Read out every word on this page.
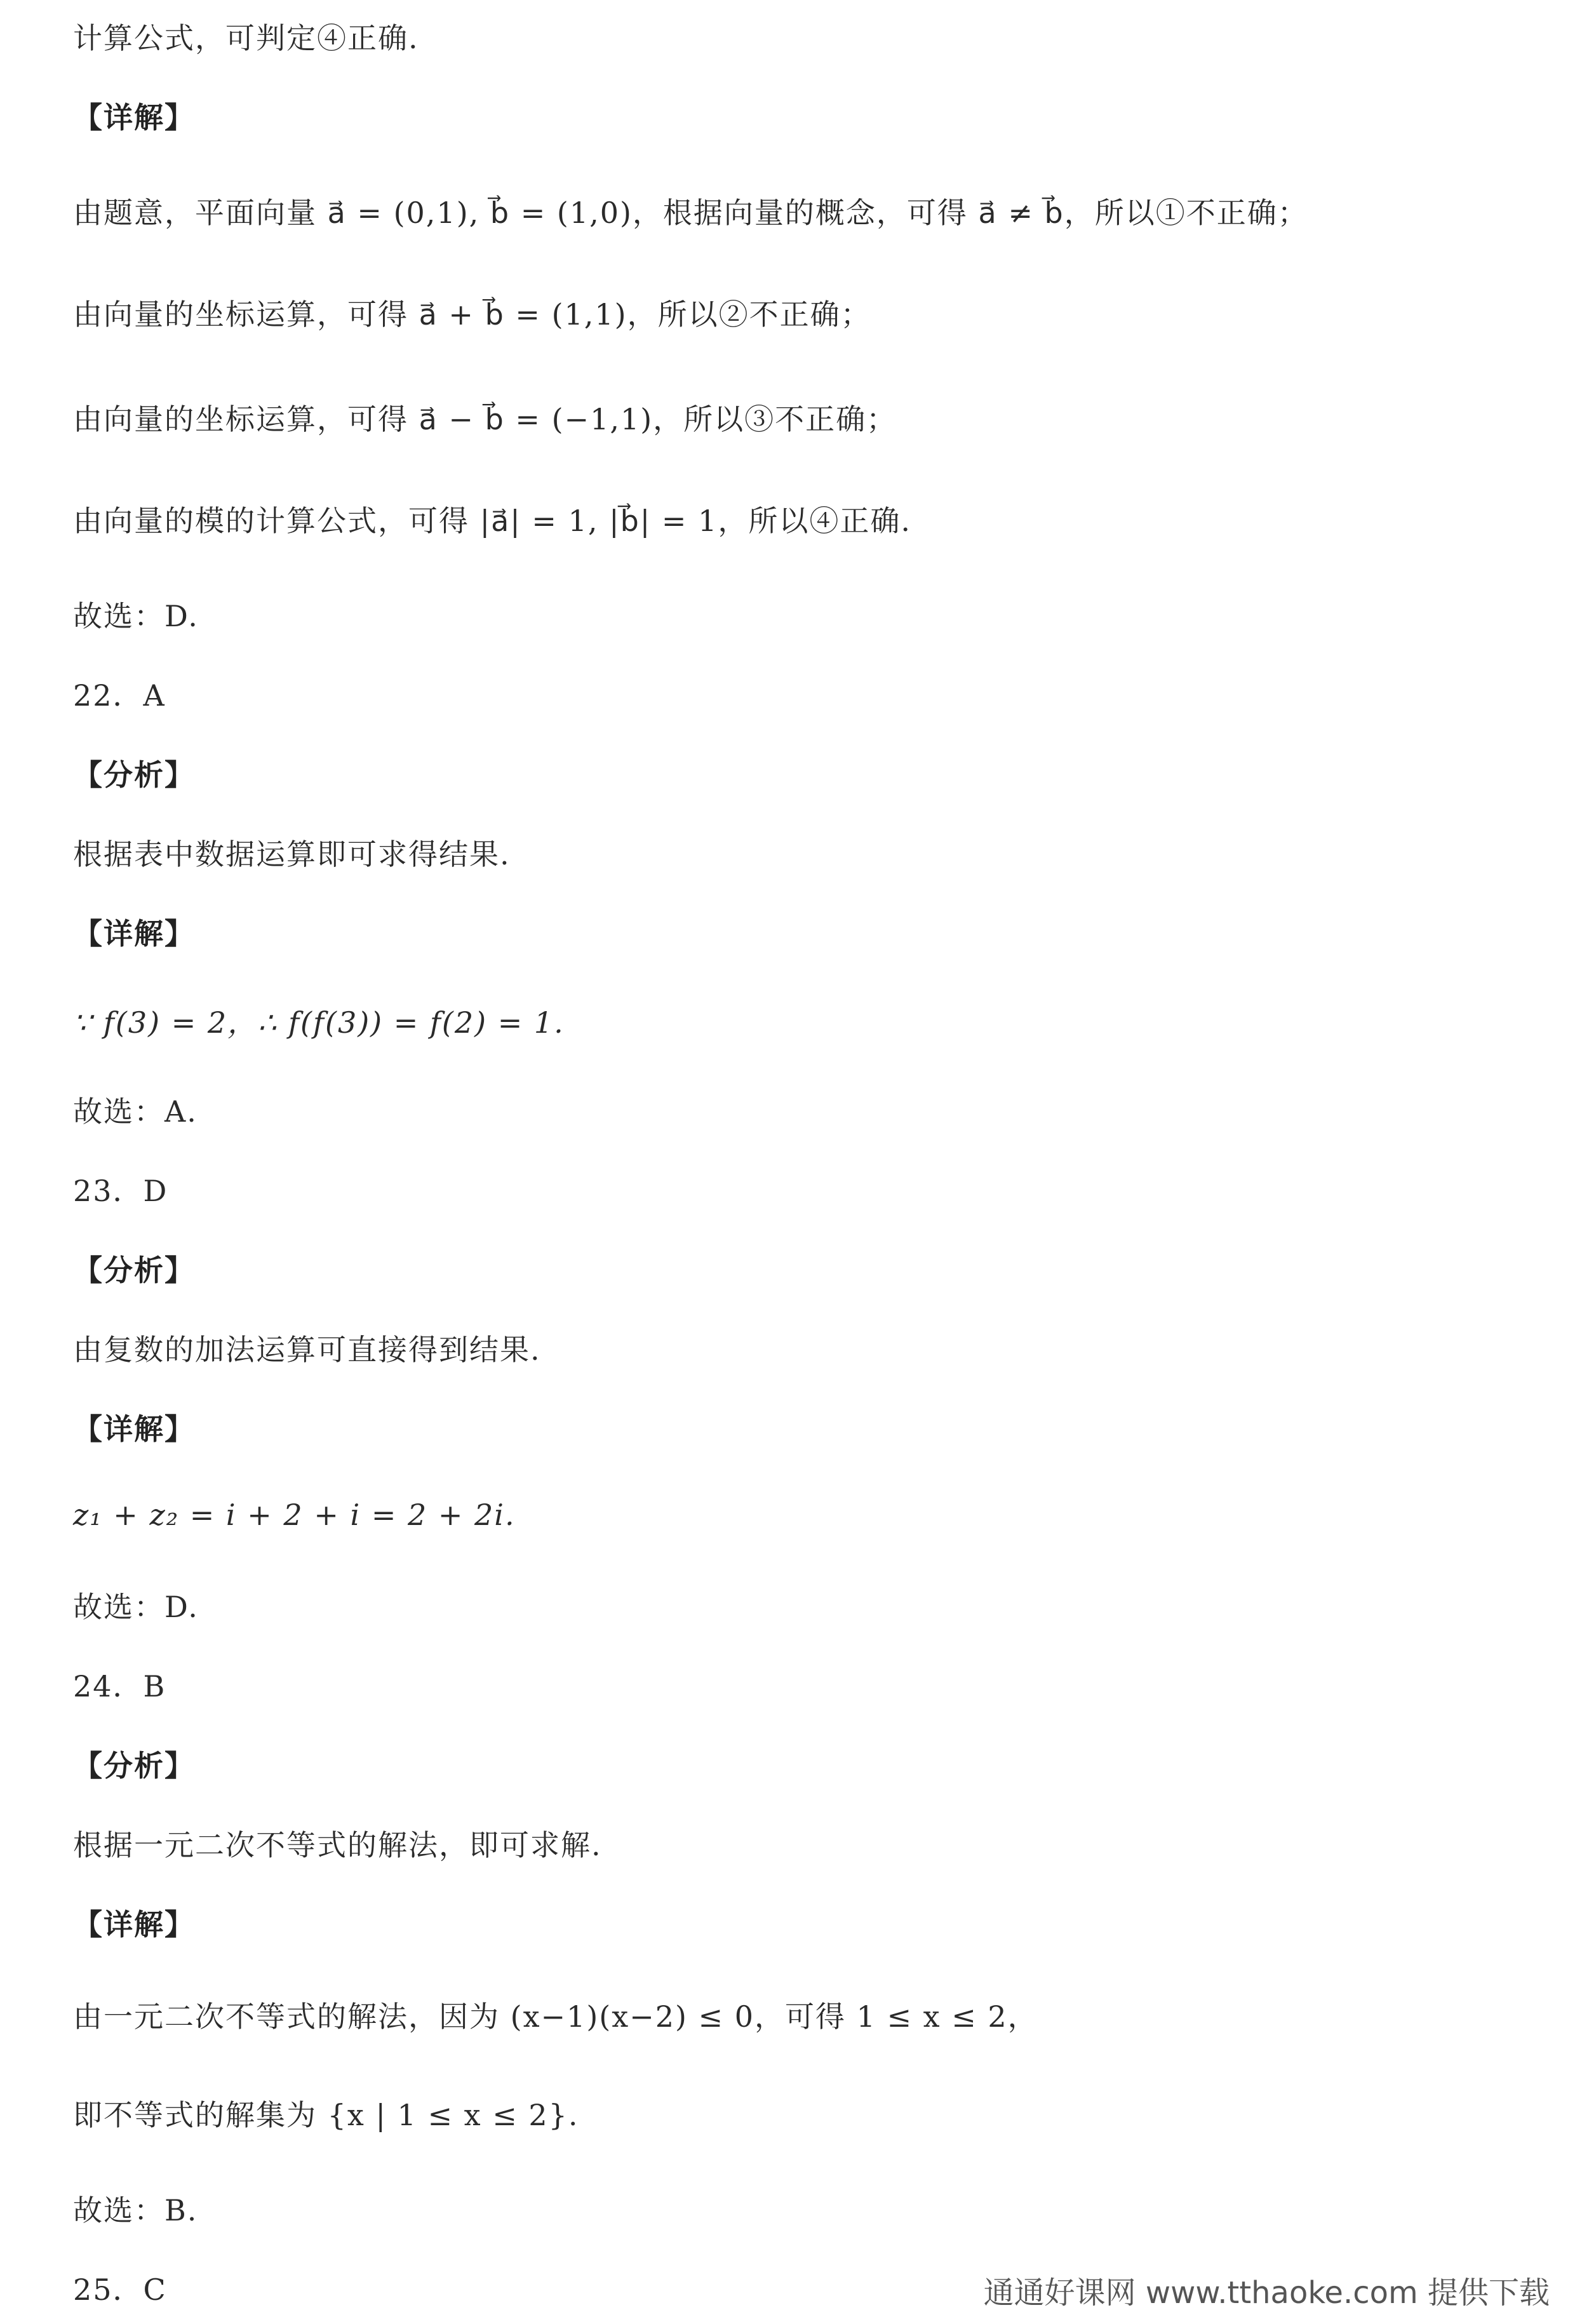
计算公式，可判定④正确.
【详解】
由题意，平面向量 a⃗ = (0,1), b⃗ = (1,0)，根据向量的概念，可得 a⃗ ≠ b⃗，所以①不正确；
由向量的坐标运算，可得 a⃗ + b⃗ = (1,1)，所以②不正确；
由向量的坐标运算，可得 a⃗ − b⃗ = (−1,1)，所以③不正确；
由向量的模的计算公式，可得 |a⃗| = 1, |b⃗| = 1，所以④正确.
故选：D.
22．A
【分析】
根据表中数据运算即可求得结果.
【详解】
∵ f(3) = 2，∴ f(f(3)) = f(2) = 1.
故选：A.
23．D
【分析】
由复数的加法运算可直接得到结果.
【详解】
z₁ + z₂ = i + 2 + i = 2 + 2i.
故选：D.
24．B
【分析】
根据一元二次不等式的解法，即可求解.
【详解】
由一元二次不等式的解法，因为 (x−1)(x−2) ≤ 0，可得 1 ≤ x ≤ 2，
即不等式的解集为 {x | 1 ≤ x ≤ 2}.
故选：B.
25．C	通通好课网 www.tthaoke.com 提供下载
